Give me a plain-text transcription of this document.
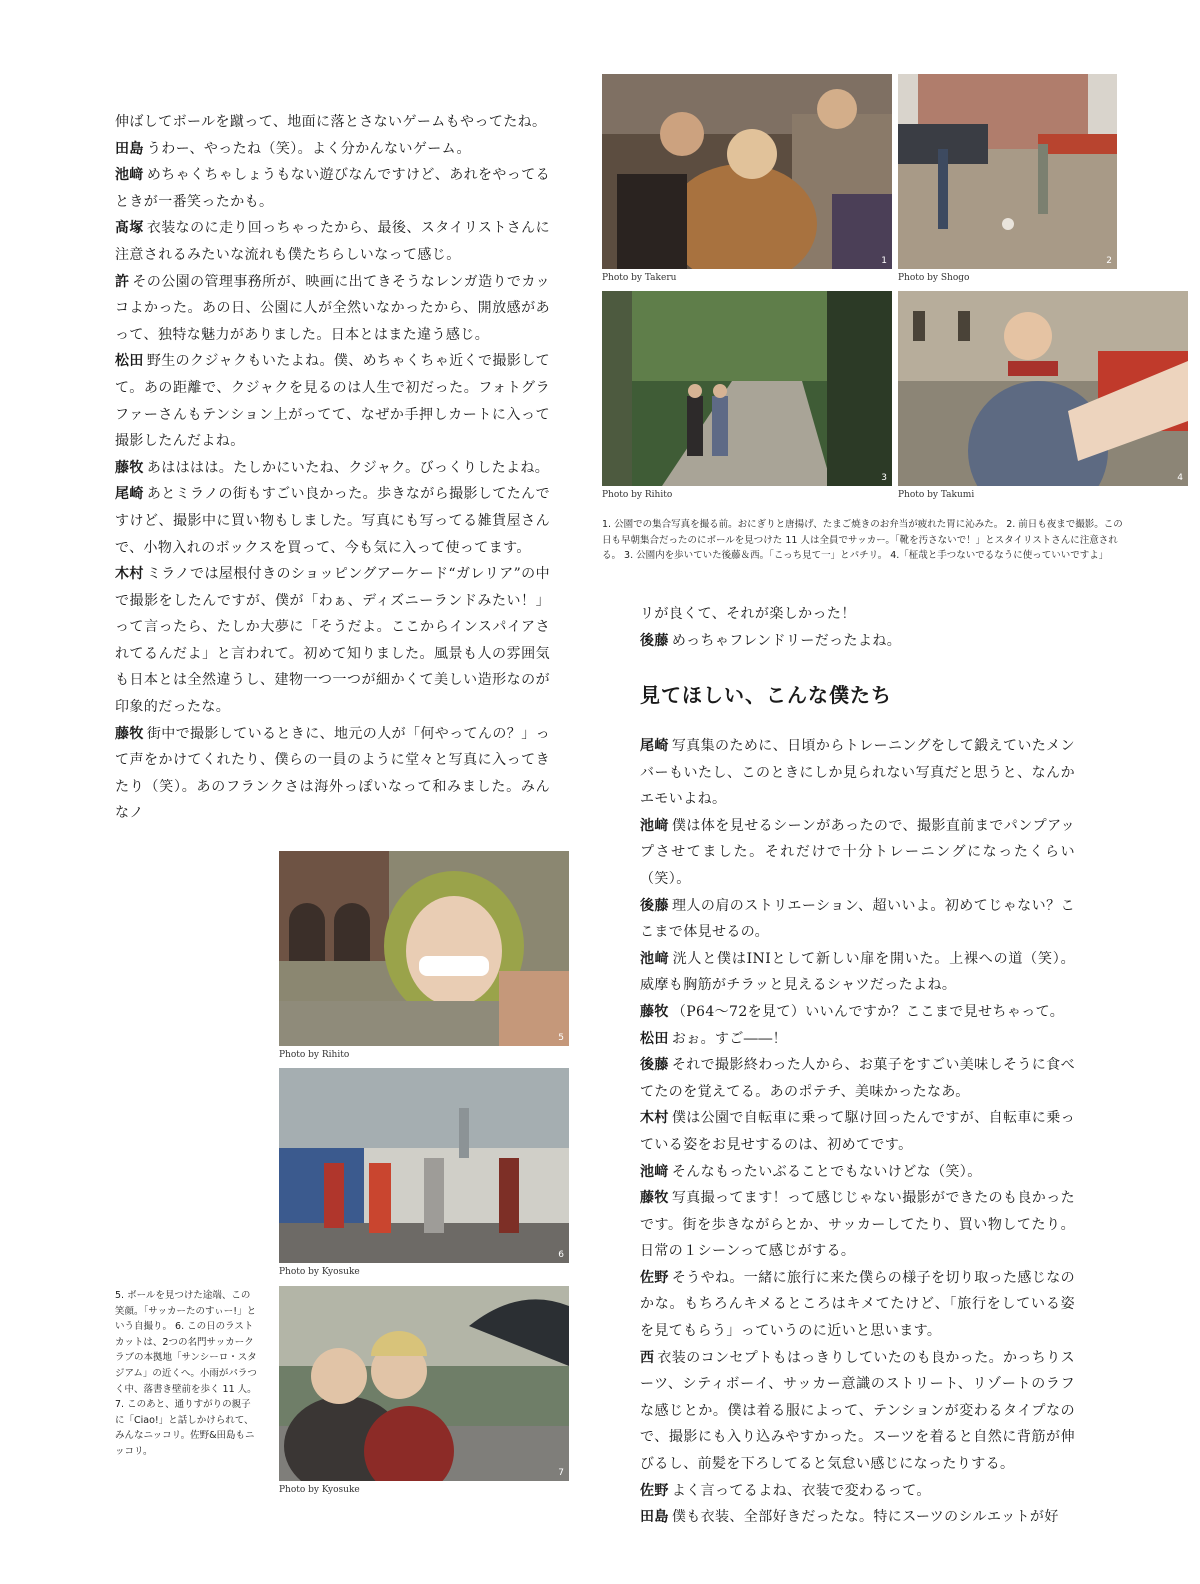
伸ばしてボールを蹴って、地面に落とさないゲームもやってたね。

田島 うわー、やったね（笑）。よく分かんないゲーム。

池﨑 めちゃくちゃしょうもない遊びなんですけど、あれをやってるときが一番笑ったかも。

髙塚 衣装なのに走り回っちゃったから、最後、スタイリストさんに注意されるみたいな流れも僕たちらしいなって感じ。

許 その公園の管理事務所が、映画に出てきそうなレンガ造りでカッコよかった。あの日、公園に人が全然いなかったから、開放感があって、独特な魅力がありました。日本とはまた違う感じ。

松田 野生のクジャクもいたよね。僕、めちゃくちゃ近くで撮影してて。あの距離で、クジャクを見るのは人生で初だった。フォトグラファーさんもテンション上がってて、なぜか手押しカートに入って撮影したんだよね。

藤牧 あはははは。たしかにいたね、クジャク。びっくりしたよね。

尾崎 あとミラノの街もすごい良かった。歩きながら撮影してたんですけど、撮影中に買い物もしました。写真にも写ってる雑貨屋さんで、小物入れのボックスを買って、今も気に入って使ってます。

木村 ミラノでは屋根付きのショッピングアーケード“ガレリア”の中で撮影をしたんですが、僕が「わぁ、ディズニーランドみたい！」って言ったら、たしか大夢に「そうだよ。ここからインスパイアされてるんだよ」と言われて。初めて知りました。風景も人の雰囲気も日本とは全然違うし、建物一つ一つが細かくて美しい造形なのが印象的だったな。

藤牧 街中で撮影しているときに、地元の人が「何やってんの？」って声をかけてくれたり、僕らの一員のように堂々と写真に入ってきたり（笑）。あのフランクさは海外っぽいなって和みました。みんなノ

1
Photo by Takeru
2
Photo by Shogo
3
Photo by Rihito
4
Photo by Takumi

1. 公園での集合写真を撮る前。おにぎりと唐揚げ、たまご焼きのお弁当が疲れた胃に沁みた。 2. 前日も夜まで撮影。この日も早朝集合だったのにボールを見つけた 11 人は全員でサッカー。「靴を汚さないで！」とスタイリストさんに注意される。 3. 公園内を歩いていた後藤＆西。「こっち見て一」とパチリ。 4.「柾哉と手つないでるなうに使っていいですよ」

リが良くて、それが楽しかった！

後藤 めっちゃフレンドリーだったよね。

見てほしい、こんな僕たち

尾崎 写真集のために、日頃からトレーニングをして鍛えていたメンバーもいたし、このときにしか見られない写真だと思うと、なんかエモいよね。

池﨑 僕は体を見せるシーンがあったので、撮影直前までパンプアップさせてました。それだけで十分トレーニングになったくらい（笑）。

後藤 理人の肩のストリエーション、超いいよ。初めてじゃない？ここまで体見せるの。

池﨑 洸人と僕はINIとして新しい扉を開いた。上裸への道（笑）。威摩も胸筋がチラッと見えるシャツだったよね。

藤牧 （P64〜72を見て）いいんですか？ここまで見せちゃって。

松田 おぉ。すご――！

後藤 それで撮影終わった人から、お菓子をすごい美味しそうに食べてたのを覚えてる。あのポテチ、美味かったなあ。

木村 僕は公園で自転車に乗って駆け回ったんですが、自転車に乗っている姿をお見せするのは、初めてです。

池﨑 そんなもったいぶることでもないけどな（笑）。

藤牧 写真撮ってます！って感じじゃない撮影ができたのも良かったです。街を歩きながらとか、サッカーしてたり、買い物してたり。日常の１シーンって感じがする。

佐野 そうやね。一緒に旅行に来た僕らの様子を切り取った感じなのかな。もちろんキメるところはキメてたけど、「旅行をしている姿を見てもらう」っていうのに近いと思います。

西 衣装のコンセプトもはっきりしていたのも良かった。かっちりスーツ、シティボーイ、サッカー意識のストリート、リゾートのラフな感じとか。僕は着る服によって、テンションが変わるタイプなので、撮影にも入り込みやすかった。スーツを着ると自然に背筋が伸びるし、前髪を下ろしてると気怠い感じになったりする。

佐野 よく言ってるよね、衣装で変わるって。

田島 僕も衣装、全部好きだったな。特にスーツのシルエットが好

5
Photo by Rihito
6
Photo by Kyosuke
7
Photo by Kyosuke

5. ボールを見つけた途端、この笑顔。「サッカーたのすぃー!」という自撮り。 6. この日のラストカットは、2つの名門サッカークラブの本拠地「サンシーロ・スタジアム」の近くへ。小雨がパラつく中、落書き壁前を歩く 11 人。 7. このあと、通りすがりの親子に「Ciao!」と話しかけられて、みんなニッコリ。佐野&田島もニッコリ。
